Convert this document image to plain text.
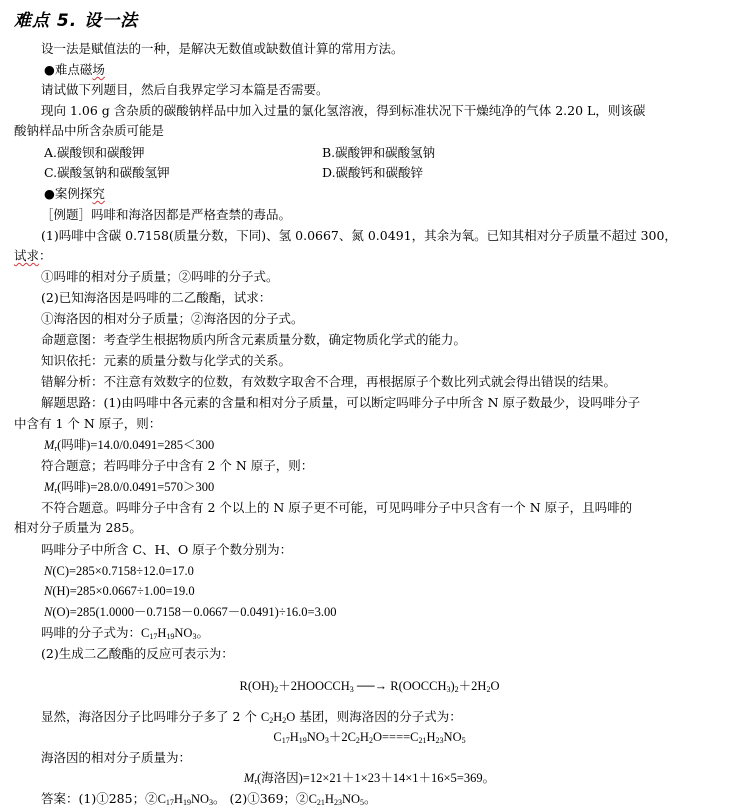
难点 5. 设一法
设一法是赋值法的一种，是解决无数值或缺数值计算的常用方法。
●难点磁场
请试做下列题目，然后自我界定学习本篇是否需要。
现向 1.06 g 含杂质的碳酸钠样品中加入过量的氯化氢溶液，得到标准状况下干燥纯净的气体 2.20 L，则该碳
酸钠样品中所含杂质可能是
A.碳酸钡和碳酸钾	B.碳酸钾和碳酸氢钠
C.碳酸氢钠和碳酸氢钾	D.碳酸钙和碳酸锌
●案例探究
［例题］吗啡和海洛因都是严格查禁的毒品。
(1)吗啡中含碳 0.7158(质量分数，下同)、氢 0.0667、氮 0.0491，其余为氧。已知其相对分子质量不超过 300，
试求：
①吗啡的相对分子质量；②吗啡的分子式。
(2)已知海洛因是吗啡的二乙酸酯，试求：
①海洛因的相对分子质量；②海洛因的分子式。
命题意图：考查学生根据物质内所含元素质量分数，确定物质化学式的能力。
知识依托：元素的质量分数与化学式的关系。
错解分析：不注意有效数字的位数，有效数字取舍不合理，再根据原子个数比列式就会得出错误的结果。
解题思路：(1)由吗啡中各元素的含量和相对分子质量，可以断定吗啡分子中所含 N 原子数最少，设吗啡分子
中含有 1 个 N 原子，则：
$M_r$(吗啡)=14.0/0.0491=285＜300
符合题意；若吗啡分子中含有 2 个 N 原子，则：
$M_r$(吗啡)=28.0/0.0491=570＞300
不符合题意。吗啡分子中含有 2 个以上的 N 原子更不可能，可见吗啡分子中只含有一个 N 原子，且吗啡的
相对分子质量为 285。
吗啡分子中所含 C、H、O 原子个数分别为：
N(C)=285×0.7158÷12.0=17.0
N(H)=285×0.0667÷1.00=19.0
N(O)=285(1.0000－0.7158－0.0667－0.0491)÷16.0=3.00
吗啡的分子式为：$C_{17}H_{19}NO_3$。
(2)生成二乙酸酯的反应可表示为：
$R(OH)_2+2HOOCCH_3$ ──→ $R(OOCCH_3)_2+2H_2O$
显然，海洛因分子比吗啡分子多了 2 个 $C_2H_2O$ 基团，则海洛因的分子式为：
$C_{17}H_{19}NO_3+2C_2H_2O====C_{21}H_{23}NO_5$
海洛因的相对分子质量为：
$M_r$(海洛因)=12×21＋1×23＋14×1＋16×5=369。
答案：(1)①285；$②C_{17}H_{19}NO_3$。 (2)①369；$②C_{21}H_{23}NO_5$。
